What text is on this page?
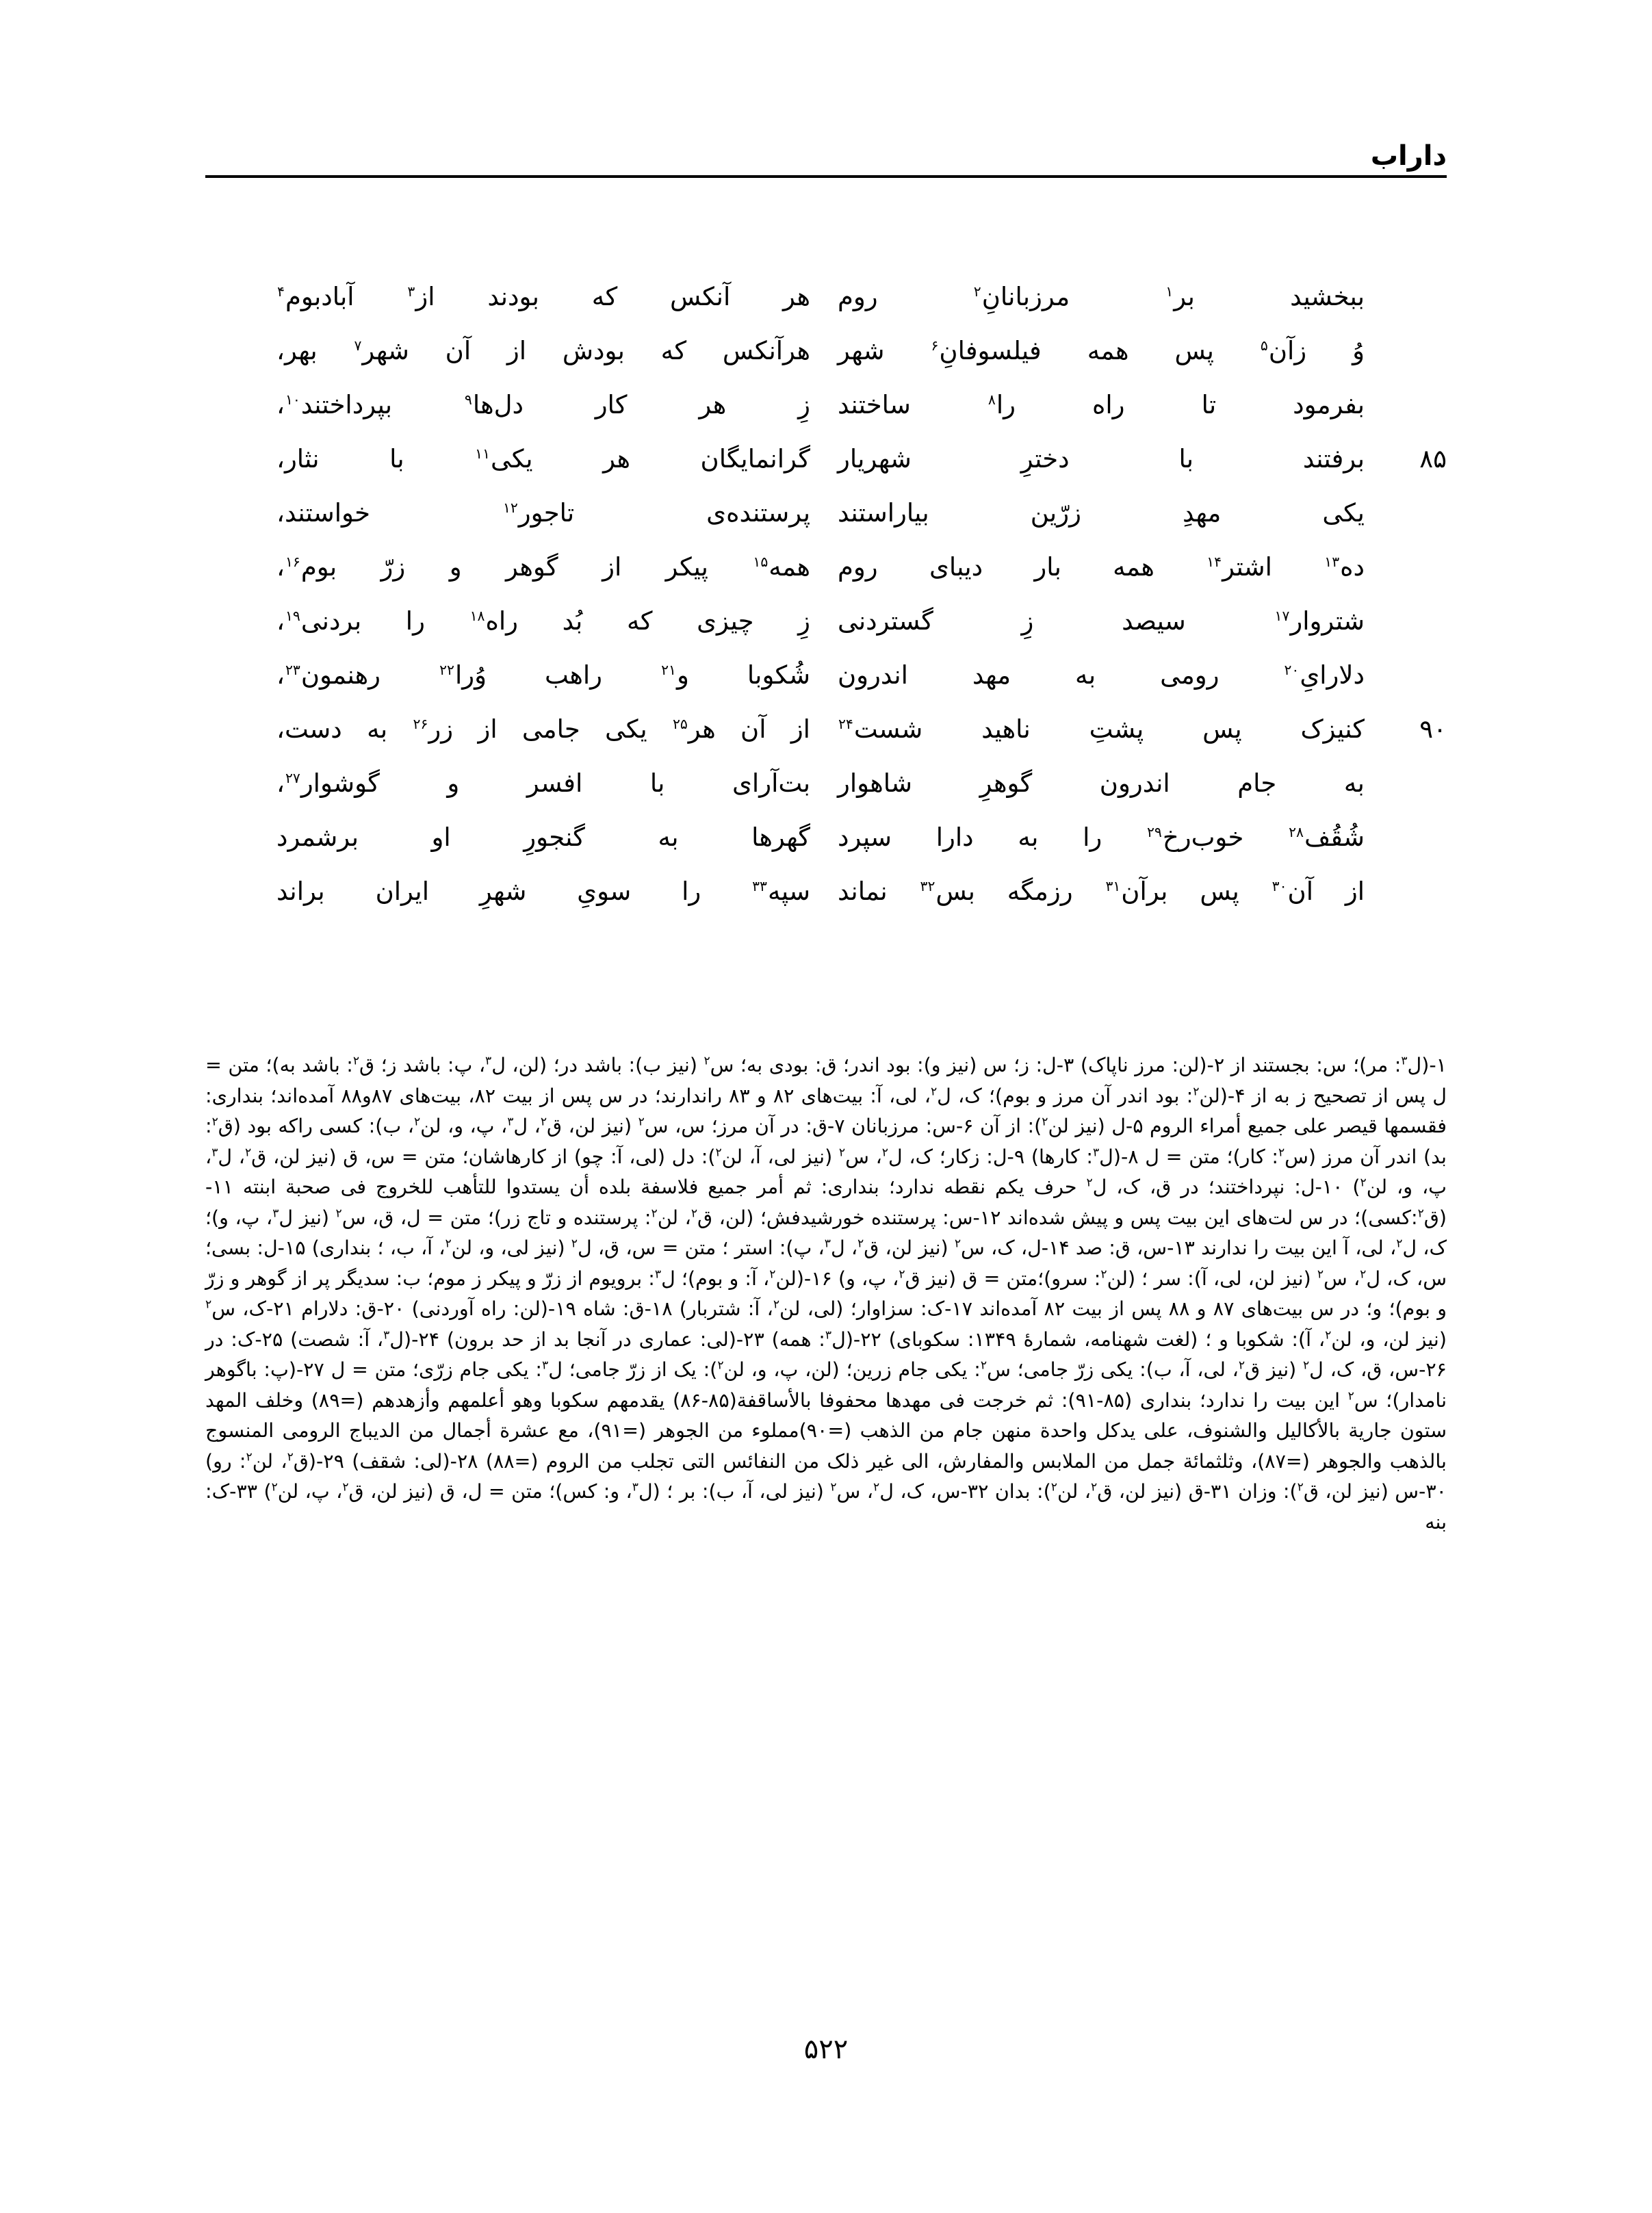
داراب
ببخشید بر$^۱$ مرزبانانِ$^۲$ روم
هر آنکس که بودند از$^۳$ آبادبوم$^۴$
وُ زآن$^۵$ پس همه فیلسوفانِ$^۶$ شهر
هرآنکس که بودش از آن شهر$^۷$ بهر،
بفرمود تا راه را$^۸$ ساختند
زِ هر کار دل‌ها$^۹$ بپرداختند$^{۱۰}$،
۸۵
برفتند با دخترِ شهریار
گرانمایگان هر یکی$^{۱۱}$ با نثار،
یکی مهدِ زرّین بیاراستند
پرستنده‌ی تاجور$^{۱۲}$ خواستند،
ده$^{۱۳}$ اشتر$^{۱۴}$ همه بار دیبای روم
همه$^{۱۵}$ پیکر از گوهر و زرّ بوم$^{۱۶}$،
شتروار$^{۱۷}$ سیصد زِ گستردنی
زِ چیزی که بُد راه$^{۱۸}$ را بردنی$^{۱۹}$،
دلارایِ$^{۲۰}$ رومی به مهد اندرون
شُکوبا و$^{۲۱}$ راهب وُرا$^{۲۲}$ رهنمون$^{۲۳}$،
۹۰
کنیزک پس پشتِ ناهید شست$^{۲۴}$
از آن هر$^{۲۵}$ یکی جامی از زر$^{۲۶}$ به دست،
به جام اندرون گوهرِ شاهوار
بت‌آرای با افسر و گوشوار$^{۲۷}$،
شُقُف$^{۲۸}$ خوب‌رخ$^{۲۹}$ را به دارا سپرد
گهرها به گنجورِ او برشمرد
از آن$^{۳۰}$ پس برآن$^{۳۱}$ رزمگه بس$^{۳۲}$ نماند
سپه$^{۳۳}$ را سویِ شهرِ ایران براند

۱-(ل$^۳$: مر)؛ س: بجستند از ۲-(لن: مرز ناپاک) ۳-ل: ز؛ س (نیز و): بود اندر؛ ق: بودی به؛ س$^۲$ (نیز ب): باشد در؛ (لن، ل$^۳$، پ: باشد ز؛ ق$^۲$: باشد به)؛ متن = ل پس از تصحیح ز به از ۴-(لن$^۲$: بود اندر آن مرز و بوم)؛ ک، ل$^۲$، لی، آ: بیت‌های ۸۲ و ۸۳ راندارند؛ در س پس از بیت ۸۲، بیت‌های ۸۷و۸۸ آمده‌اند؛ بنداری: فقسمها قیصر علی جمیع أمراء الروم ۵-ل (نیز لن$^۲$): از آن ۶-س: مرزبانان ۷-ق: در آن مرز؛ س، س$^۲$ (نیز لن، ق$^۲$، ل$^۳$، پ، و، لن$^۲$، ب): کسی راکه بود (ق$^۲$: بد) اندر آن مرز (س$^۲$: کار)؛ متن = ل ۸-(ل$^۳$: کارها) ۹-ل: زکار؛ ک، ل$^۲$، س$^۲$ (نیز لی، آ، لن$^۲$): دل (لی، آ: چو) از کارهاشان؛ متن = س، ق (نیز لن، ق$^۲$، ل$^۳$، پ، و، لن$^۲$) ۱۰-ل: نپرداختند؛ در ق، ک، ل$^۲$ حرف یکم نقطه ندارد؛ بنداری: ثم أمر جمیع فلاسفة بلده أن یستدوا للتأهب للخروج فی صحبة ابنته ۱۱-(ق$^۲$:کسی)؛ در س لت‌های این بیت پس و پیش شده‌اند ۱۲-س: پرستنده خورشیدفش؛ (لن، ق$^۲$، لن$^۲$: پرستنده و تاج زر)؛ متن = ل، ق، س$^۲$ (نیز ل$^۳$، پ، و)؛ ک، ل$^۲$، لی، آ این بیت را ندارند ۱۳-س، ق: صد ۱۴-ل، ک، س$^۲$ (نیز لن، ق$^۲$، ل$^۳$، پ): استر ؛ متن = س، ق، ل$^۲$ (نیز لی، و، لن$^۲$، آ، ب، ؛ بنداری) ۱۵-ل: بسی؛ س، ک، ل$^۲$، س$^۲$ (نیز لن، لی، آ): سر ؛ (لن$^۲$: سرو)؛متن = ق (نیز ق$^۲$، پ، و) ۱۶-(لن$^۲$، آ: و بوم)؛ ل$^۳$: برویوم از زرّ و پیکر ز موم؛ ب: سدیگر پر از گوهر و زرّ و بوم)؛ و؛ در س بیت‌های ۸۷ و ۸۸ پس از بیت ۸۲ آمده‌اند ۱۷-ک: سزاوار؛ (لی، لن$^۲$، آ: شتربار) ۱۸-ق: شاه ۱۹-(لن: راه آوردنی) ۲۰-ق: دلارام ۲۱-ک، س$^۲$ (نیز لن، و، لن$^۲$، آ): شکوبا و ؛ (لغت شهنامه، شمارهٔ ۱۳۴۹: سکوبای) ۲۲-(ل$^۳$: همه) ۲۳-(لی: عماری در آنجا بد از حد برون) ۲۴-(ل$^۳$، آ: شصت) ۲۵-ک: در ۲۶-س، ق، ک، ل$^۲$ (نیز ق$^۲$، لی، آ، ب): یکی زرّ جامی؛ س$^۲$: یکی جام زرین؛ (لن، پ، و، لن$^۲$): یک از زرّ جامی؛ ل$^۳$: یکی جام زرّی؛ متن = ل ۲۷-(پ: باگوهر نامدار)؛ س$^۲$ این بیت را ندارد؛ بنداری (۸۵-۹۱): ثم خرجت فی مهدها محفوفا بالأساقفة(۸۵-۸۶) یقدمهم سکوبا وهو أعلمهم وأزهدهم (=۸۹) وخلف المهد ستون جاریة بالأکالیل والشنوف، علی یدکل واحدة منهن جام من الذهب (=۹۰)مملوء من الجوهر (=۹۱)، مع عشرة أجمال من الدیباج الرومی المنسوج بالذهب والجوهر (=۸۷)، وثلثمائة جمل من الملابس والمفارش، الی غیر ذلک من النفائس التی تجلب من الروم (=۸۸) ۲۸-(لی: شقف) ۲۹-(ق$^۲$، لن$^۲$: رو) ۳۰-س (نیز لن، ق$^۲$): وزان ۳۱-ق (نیز لن، ق$^۲$، لن$^۲$): بدان ۳۲-س، ک، ل$^۲$، س$^۲$ (نیز لی، آ، ب): بر ؛ (ل$^۳$، و: کس)؛ متن = ل، ق (نیز لن، ق$^۲$، پ، لن$^۲$) ۳۳-ک: بنه

۵۲۲
